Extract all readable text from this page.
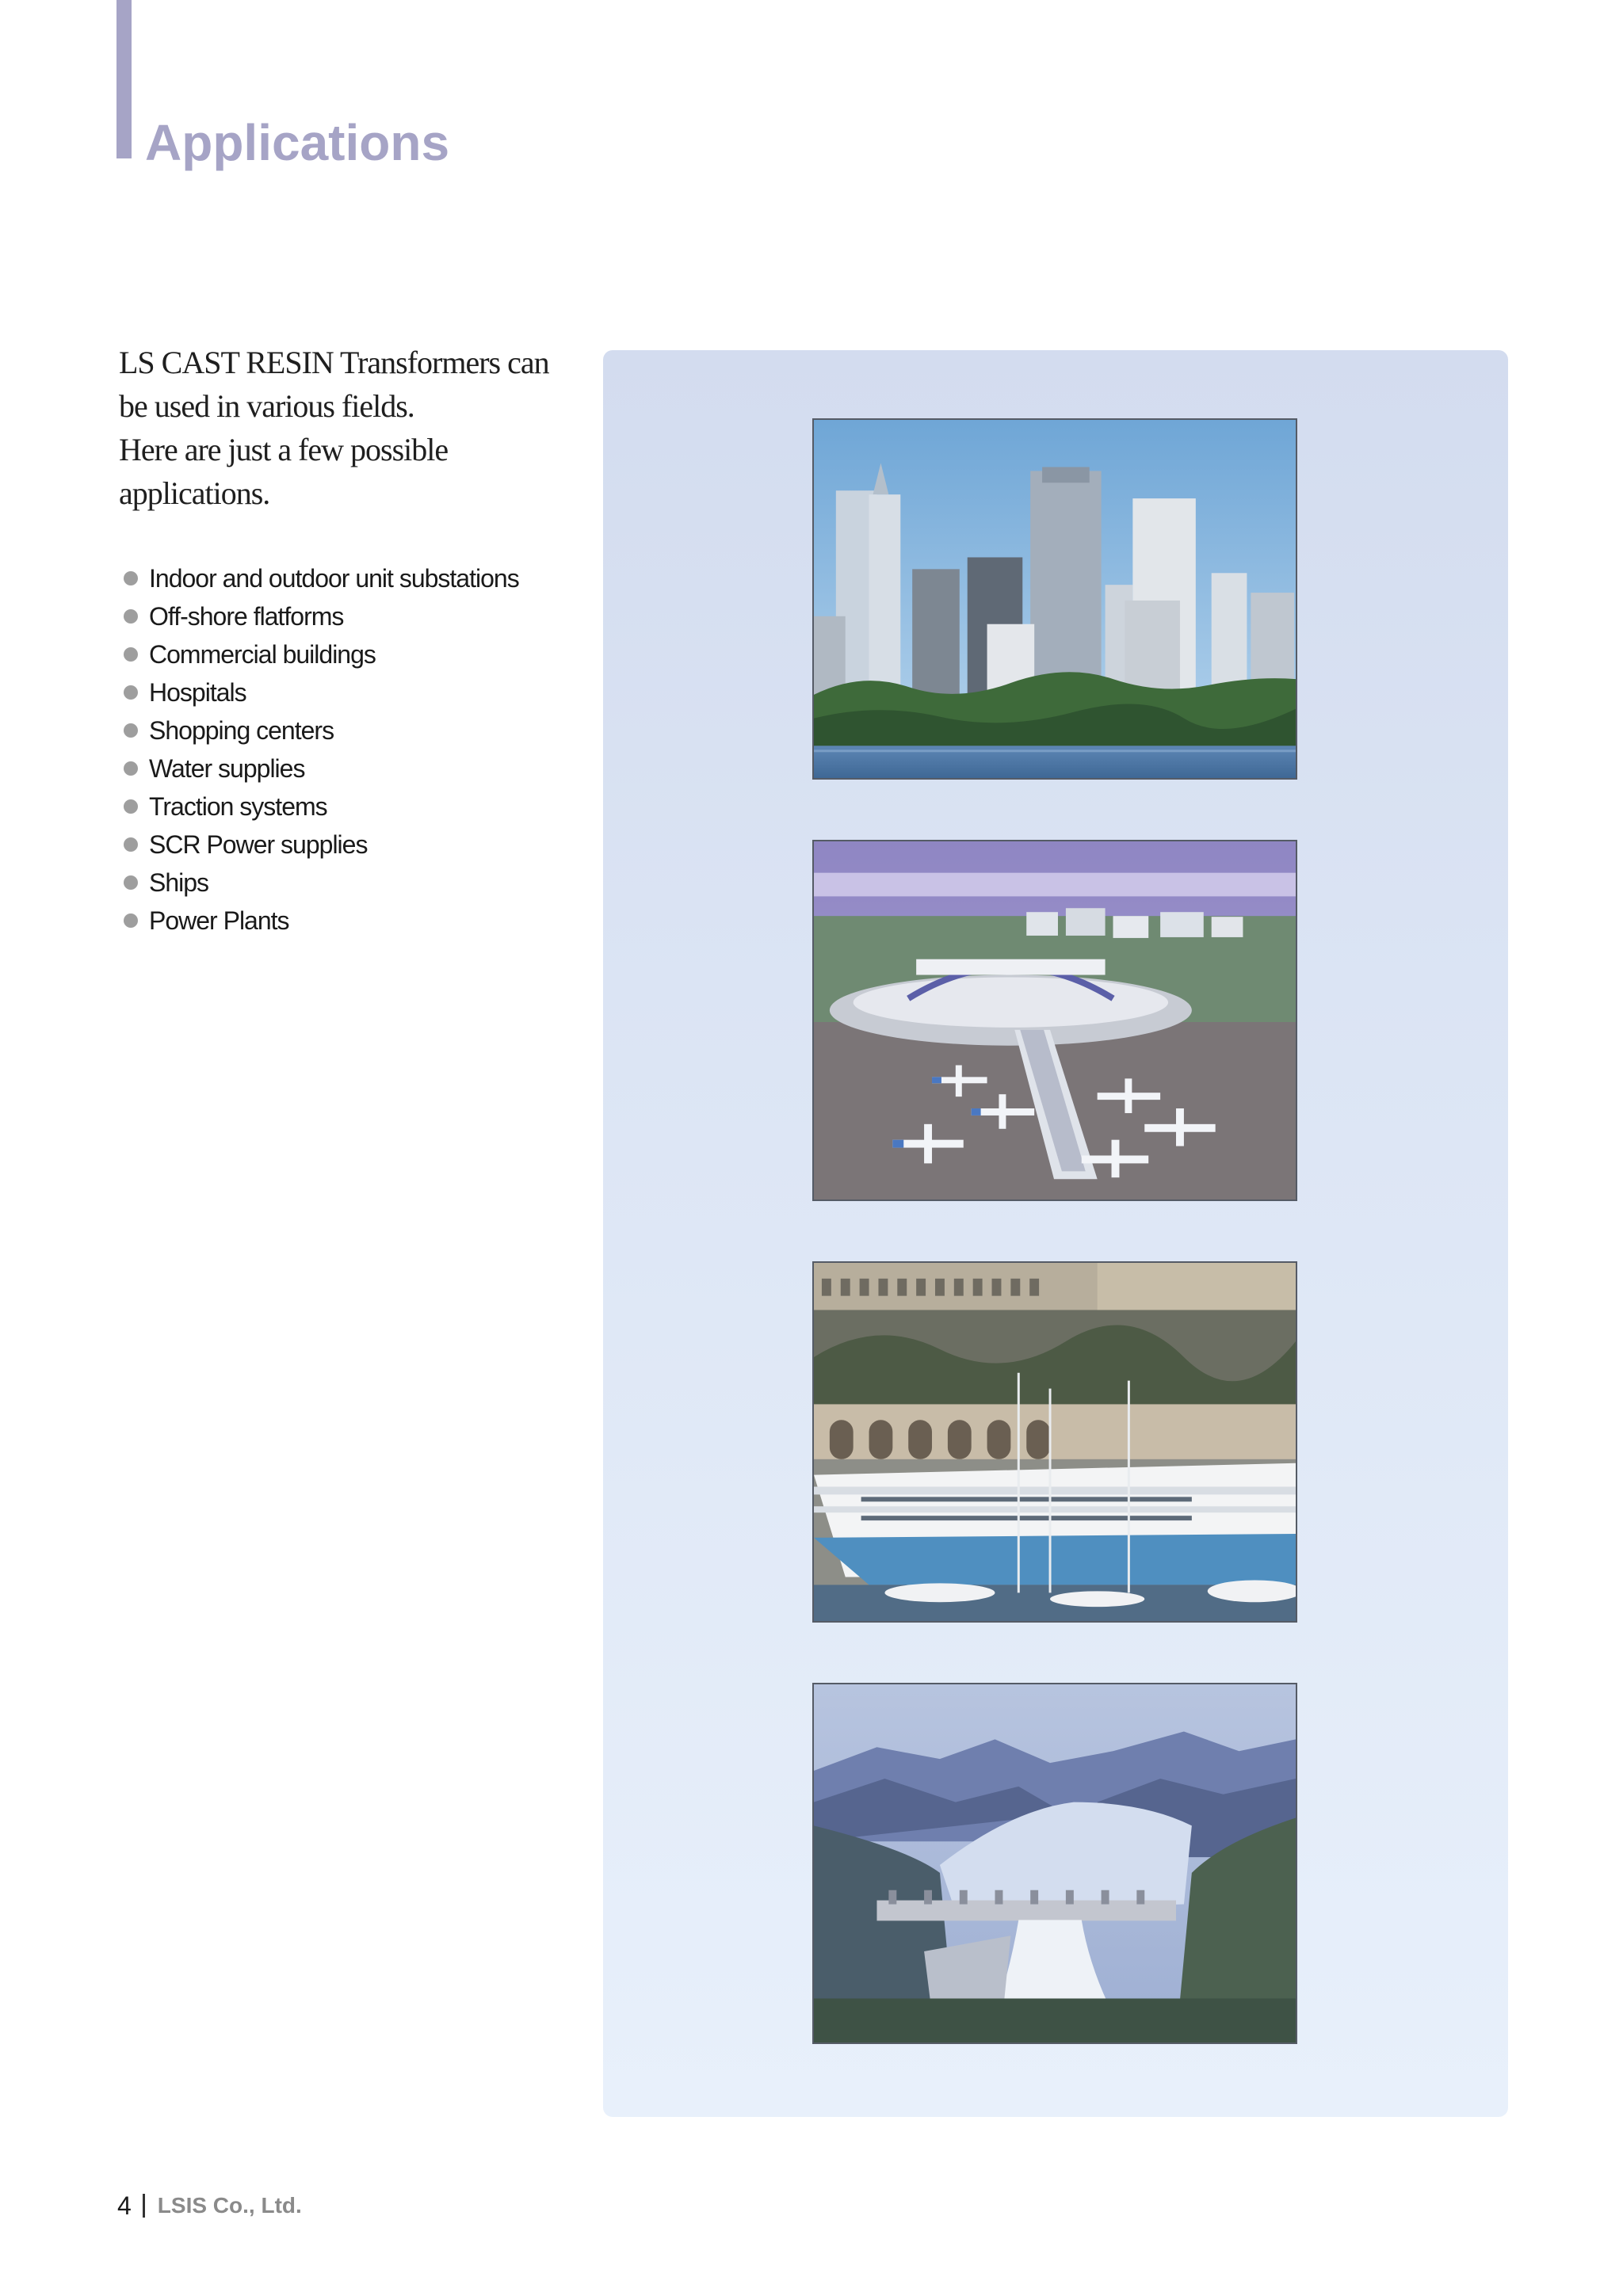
Applications

LS CAST RESIN Transformers can
be used in various fields.
Here are just a few possible
applications.

Indoor and outdoor unit substations
Off-shore flatforms
Commercial buildings
Hospitals
Shopping centers
Water supplies
Traction systems
SCR Power supplies
Ships
Power Plants
4 LSIS Co., Ltd.
